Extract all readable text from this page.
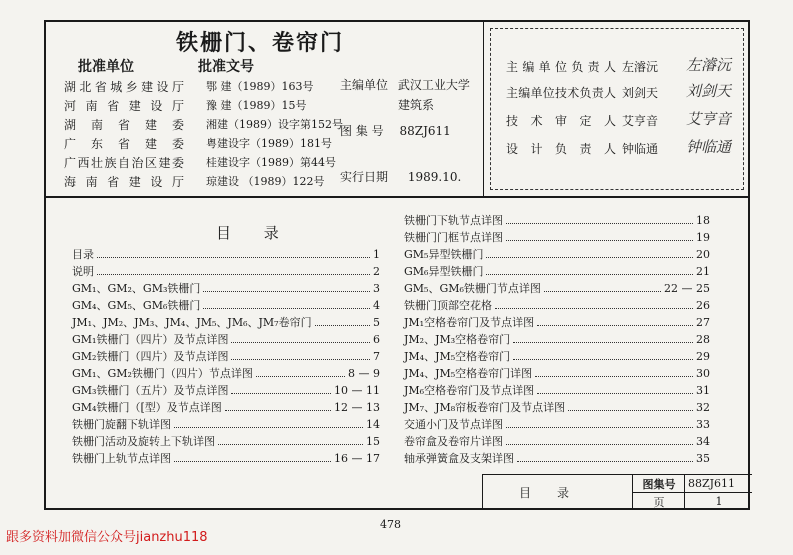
铁栅门、卷帘门
批准单位	批准文号
湖北省城乡建设厅 鄂 建（1989）163号
河南省建设厅 豫 建（1989）15号
湖南省建委 湘建（1989）设字第152号
广东省建委 粤建设字（1989）181号
广西壮族自治区建委 桂建设字（1989）第44号
海南省建设厅 琼建设 （1989）122号
主编单位 武汉工业大学
建筑系
图 集 号 88ZJ611
实行日期 1989.10.
主编单位负责人 左濬沅 左濬沅
主编单位技术负责人 刘剑天 刘剑天
技术审定人 艾亨音 艾亨音
设计负责人 钟临通 钟临通
目 录
目录	1
说明	2
GM₁、GM₂、GM₃铁栅门	3
GM₄、GM₅、GM₆铁栅门	4
JM₁、JM₂、JM₃、JM₄、JM₅、JM₆、JM₇卷帘门	5
GM₁铁栅门（四片）及节点详图	6
GM₂铁栅门（四片）及节点详图	7
GM₁、GM₂铁栅门（四片）节点详图	8 — 9
GM₃铁栅门（五片）及节点详图	10 — 11
GM₄铁栅门（[型）及节点详图	12 — 13
铁栅门旋翻下轨详图	14
铁栅门活动及旋转上下轨详图	15
铁栅门上轨节点详图	16 — 17
铁栅门下轨节点详图	18
铁栅门门框节点详图	19
GM₅异型铁栅门	20
GM₆异型铁栅门	21
GM₅、GM₆铁栅门节点详图	22 — 25
铁栅门顶部空花格	26
JM₁空格卷帘门及节点详图	27
JM₂、JM₃空格卷帘门	28
JM₄、JM₅空格卷帘门	29
JM₄、JM₅空格卷帘门详图	30
JM₆空格卷帘门及节点详图	31
JM₇、JM₈帘板卷帘门及节点详图	32
交通小门及节点详图	33
卷帘盒及卷帘片详图	34
轴承弹簧盒及支架详图	35
目录
图集号	88ZJ611
页	1
478
跟多资料加微信公众号jianzhu118
